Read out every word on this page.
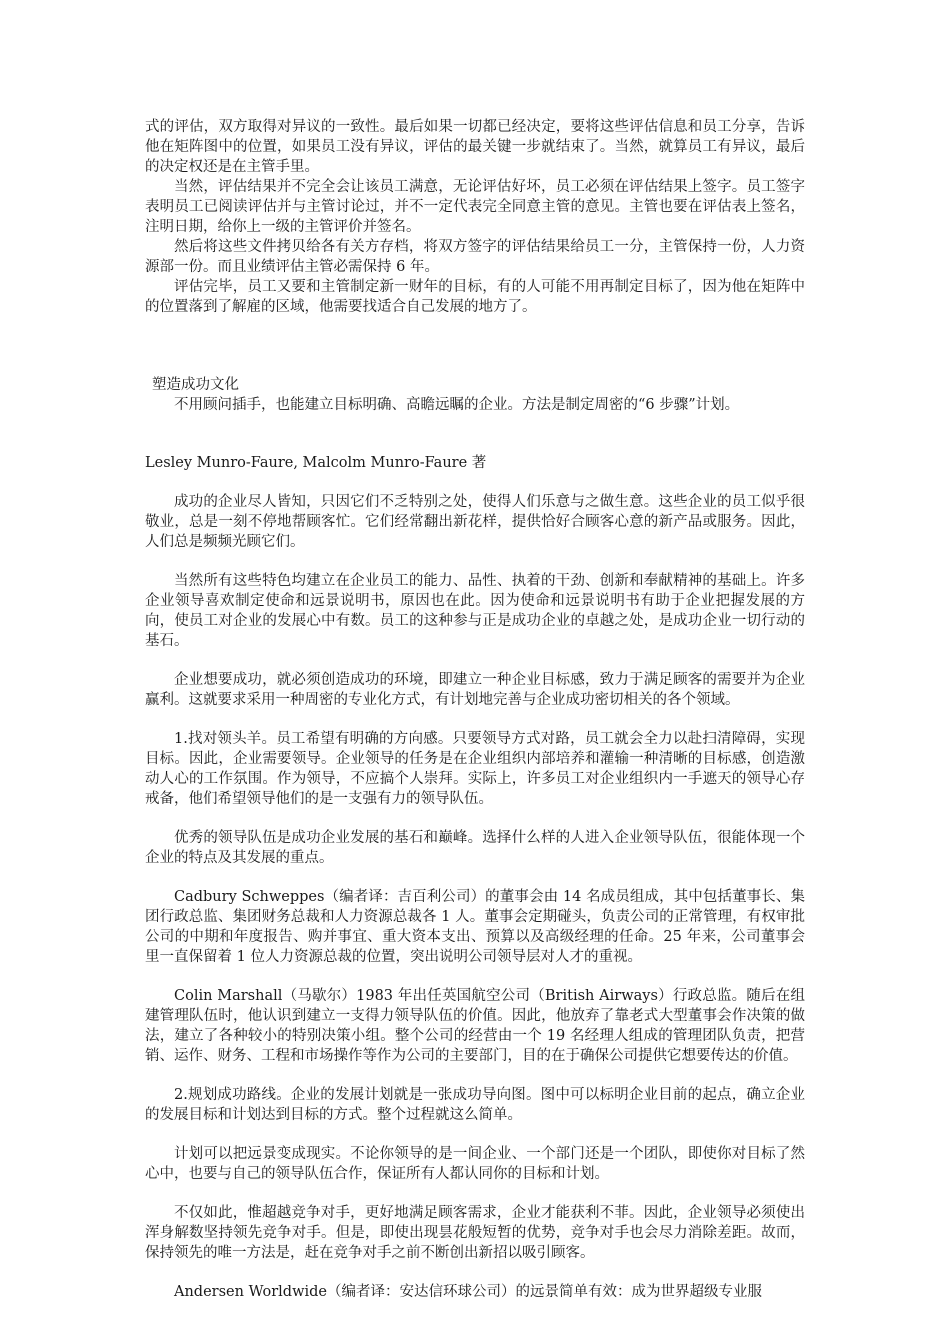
式的评估，双方取得对异议的一致性。最后如果一切都已经决定，要将这些评估信息和员工分享，告诉他在矩阵图中的位置，如果员工没有异议，评估的最关键一步就结束了。当然，就算员工有异议，最后的决定权还是在主管手里。

当然，评估结果并不完全会让该员工满意，无论评估好坏，员工必须在评估结果上签字。员工签字表明员工已阅读评估并与主管讨论过，并不一定代表完全同意主管的意见。主管也要在评估表上签名，注明日期，给你上一级的主管评价并签名。

然后将这些文件拷贝给各有关方存档，将双方签字的评估结果给员工一分，主管保持一份，人力资源部一份。而且业绩评估主管必需保持 6 年。

评估完毕，员工又要和主管制定新一财年的目标，有的人可能不用再制定目标了，因为他在矩阵中的位置落到了解雇的区域，他需要找适合自己发展的地方了。

塑造成功文化

不用顾问插手，也能建立目标明确、高瞻远瞩的企业。方法是制定周密的“6 步骤”计划。

Lesley Munro-Faure, Malcolm Munro-Faure 著

成功的企业尽人皆知，只因它们不乏特别之处，使得人们乐意与之做生意。这些企业的员工似乎很敬业，总是一刻不停地帮顾客忙。它们经常翻出新花样，提供恰好合顾客心意的新产品或服务。因此，人们总是频频光顾它们。

当然所有这些特色均建立在企业员工的能力、品性、执着的干劲、创新和奉献精神的基础上。许多企业领导喜欢制定使命和远景说明书，原因也在此。因为使命和远景说明书有助于企业把握发展的方向，使员工对企业的发展心中有数。员工的这种参与正是成功企业的卓越之处，是成功企业一切行动的基石。

企业想要成功，就必须创造成功的环境，即建立一种企业目标感，致力于满足顾客的需要并为企业赢利。这就要求采用一种周密的专业化方式，有计划地完善与企业成功密切相关的各个领域。

1.找对领头羊。员工希望有明确的方向感。只要领导方式对路，员工就会全力以赴扫清障碍，实现目标。因此，企业需要领导。企业领导的任务是在企业组织内部培养和灌输一种清晰的目标感，创造激动人心的工作氛围。作为领导，不应搞个人崇拜。实际上，许多员工对企业组织内一手遮天的领导心存戒备，他们希望领导他们的是一支强有力的领导队伍。

优秀的领导队伍是成功企业发展的基石和巅峰。选择什么样的人进入企业领导队伍，很能体现一个企业的特点及其发展的重点。

Cadbury Schweppes（编者译：吉百利公司）的董事会由 14 名成员组成，其中包括董事长、集团行政总监、集团财务总裁和人力资源总裁各 1 人。董事会定期碰头，负责公司的正常管理，有权审批公司的中期和年度报告、购并事宜、重大资本支出、预算以及高级经理的任命。25 年来，公司董事会里一直保留着 1 位人力资源总裁的位置，突出说明公司领导层对人才的重视。

Colin Marshall（马歇尔）1983 年出任英国航空公司（British Airways）行政总监。随后在组建管理队伍时，他认识到建立一支得力领导队伍的价值。因此，他放弃了靠老式大型董事会作决策的做法，建立了各种较小的特别决策小组。整个公司的经营由一个 19 名经理人组成的管理团队负责，把营销、运作、财务、工程和市场操作等作为公司的主要部门，目的在于确保公司提供它想要传达的价值。

2.规划成功路线。企业的发展计划就是一张成功导向图。图中可以标明企业目前的起点，确立企业的发展目标和计划达到目标的方式。整个过程就这么简单。

计划可以把远景变成现实。不论你领导的是一间企业、一个部门还是一个团队，即使你对目标了然心中，也要与自己的领导队伍合作，保证所有人都认同你的目标和计划。

不仅如此，惟超越竞争对手，更好地满足顾客需求，企业才能获利不菲。因此，企业领导必须使出浑身解数坚持领先竞争对手。但是，即使出现昙花般短暂的优势，竞争对手也会尽力消除差距。故而，保持领先的唯一方法是，赶在竞争对手之前不断创出新招以吸引顾客。

Andersen Worldwide（编者译：安达信环球公司）的远景简单有效：成为世界超级专业服
